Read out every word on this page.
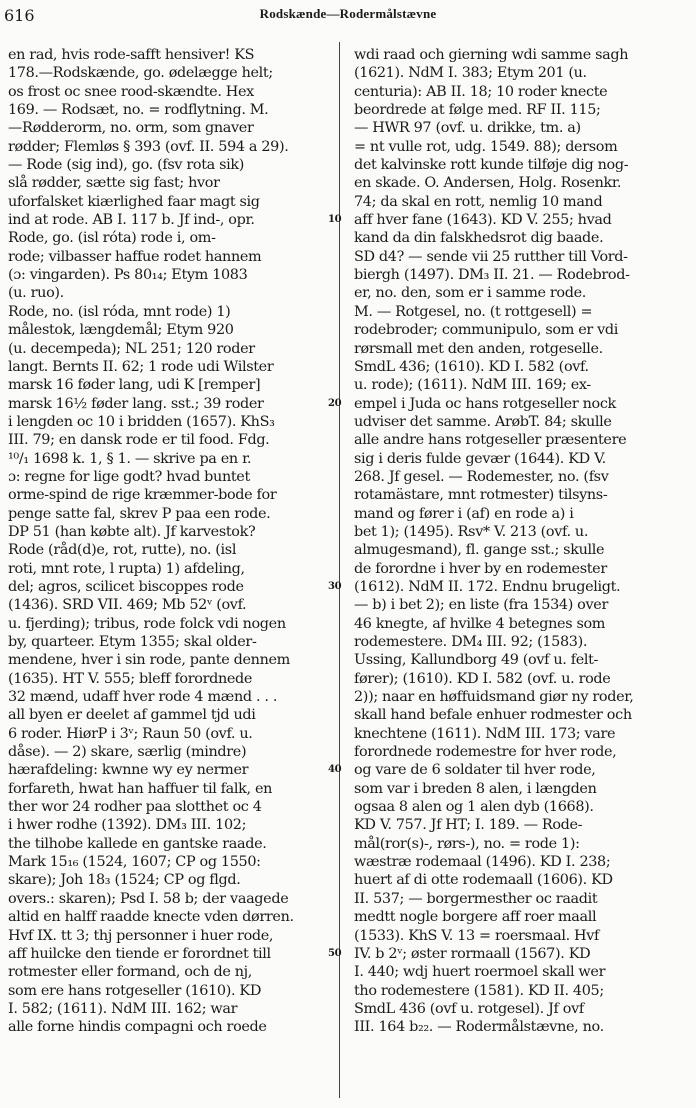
616	Rodskænde—Rodermålstævne
en rad, hvis rode-safft hensiver! KS
178.—Rodskænde, go. ødelægge helt;
os frost oc snee rood-skændte. Hex
169. — Rodsæt, no. = rodflytning. M.
—Rødderorm, no. orm, som gnaver
rødder; Flemløs § 393 (ovf. II. 594 a 29).
— Rode (sig ind), go. (fsv rota sik)
slå rødder, sætte sig fast; hvor
uforfalsket kiærlighed faar magt sig
ind at rode. AB I. 117 b. Jf ind-, opr.
Rode, go. (isl róta) rode i, om-
rode; vilbasser haffue rodet hannem
(ɔ: vingarden). Ps 80₁₄; Etym 1083
(u. ruo).
Rode, no. (isl róda, mnt rode) 1)
målestok, længdemål; Etym 920
(u. decempeda); NL 251; 120 roder
langt. Bernts II. 62; 1 rode udi Wilster
marsk 16 føder lang, udi K [remper]
marsk 16½ føder lang. sst.; 39 roder
i lengden oc 10 i bridden (1657). KhS₃
III. 79; en dansk rode er til food. Fdg.
¹⁰/₁ 1698 k. 1, § 1. — skrive pa en r.
ɔ: regne for lige godt? hvad buntet
orme-spind de rige kræmmer-bode for
penge satte fal, skrev P paa een rode.
DP 51 (han købte alt). Jf karvestok?
Rode (råd(d)e, rot, rutte), no. (isl
roti, mnt rote, l rupta) 1) afdeling,
del; agros, scilicet biscoppes rode
(1436). SRD VII. 469; Mb 52ᵛ (ovf.
u. fjerding); tribus, rode folck vdi nogen
by, quarteer. Etym 1355; skal older-
mendene, hver i sin rode, pante dennem
(1635). HT V. 555; bleff forordnede
32 mænd, udaff hver rode 4 mænd . . .
all byen er deelet af gammel tjd udi
6 roder. HiørP i 3ᵛ; Raun 50 (ovf. u.
dåse). — 2) skare, særlig (mindre)
hærafdeling: kwnne wy ey nermer
forfareth, hwat han haffuer til falk, en
ther wor 24 rodher paa slotthet oc 4
i hwer rodhe (1392). DM₃ III. 102;
the tilhobe kallede en gantske raade.
Mark 15₁₆ (1524, 1607; CP og 1550:
skare); Joh 18₃ (1524; CP og flgd.
overs.: skaren); Psd I. 58 b; der vaagede
altid en halff raadde knecte vden dørren.
Hvf IX. tt 3; thj personner i huer rode,
aff huilcke den tiende er forordnet till
rotmester eller formand, och de nj,
som ere hans rotgeseller (1610). KD
I. 582; (1611). NdM III. 162; war
alle forne hindis compagni och roede
wdi raad och gierning wdi samme sagh
(1621). NdM I. 383; Etym 201 (u.
centuria): AB II. 18; 10 roder knecte
beordrede at følge med. RF II. 115;
— HWR 97 (ovf. u. drikke, tm. a)
= nt vulle rot, udg. 1549. 88); dersom
det kalvinske rott kunde tilføje dig nog-
en skade. O. Andersen, Holg. Rosenkr.
74; da skal en rott, nemlig 10 mand
aff hver fane (1643). KD V. 255; hvad
10
kand da din falskhedsrot dig baade.
SD d4? — sende vii 25 rutther till Vord-
biergh (1497). DM₃ II. 21. — Rodebrod-
er, no. den, som er i samme rode.
M. — Rotgesel, no. (t rottgesell) =
rodebroder; communipulo, som er vdi
rørsmall met den anden, rotgeselle.
SmdL 436; (1610). KD I. 582 (ovf.
u. rode); (1611). NdM III. 169; ex-
empel i Juda oc hans rotgeseller nock
20
udviser det samme. ArøbT. 84; skulle
alle andre hans rotgeseller præsentere
sig i deris fulde gevær (1644). KD V.
268. Jf gesel. — Rodemester, no. (fsv
rotamästare, mnt rotmester) tilsyns-
mand og fører i (af) en rode a) i
bet 1); (1495). Rsv* V. 213 (ovf. u.
almugesmand), fl. gange sst.; skulle
de forordne i hver by en rodemester
(1612). NdM II. 172. Endnu brugeligt.
30
— b) i bet 2); en liste (fra 1534) over
46 knegte, af hvilke 4 betegnes som
rodemestere. DM₄ III. 92; (1583).
Ussing, Kallundborg 49 (ovf u. felt-
fører); (1610). KD I. 582 (ovf. u. rode
2)); naar en høffuidsmand giør ny roder,
skall hand befale enhuer rodmester och
knechtene (1611). NdM III. 173; vare
forordnede rodemestre for hver rode,
og vare de 6 soldater til hver rode,
40
som var i breden 8 alen, i længden
ogsaa 8 alen og 1 alen dyb (1668).
KD V. 757. Jf HT; I. 189. — Rode-
mål(ror(s)-, rørs-), no. = rode 1):
wæstræ rodemaal (1496). KD I. 238;
huert af di otte rodemaall (1606). KD
II. 537; — borgermesther oc raadit
medtt nogle borgere aff roer maall
(1533). KhS V. 13 = roersmaal. Hvf
IV. b 2ᵛ; øster rormaall (1567). KD
50
I. 440; wdj huert roermoel skall wer
tho rodemestere (1581). KD II. 405;
SmdL 436 (ovf u. rotgesel). Jf ovf
III. 164 b₂₂. — Rodermålstævne, no.
